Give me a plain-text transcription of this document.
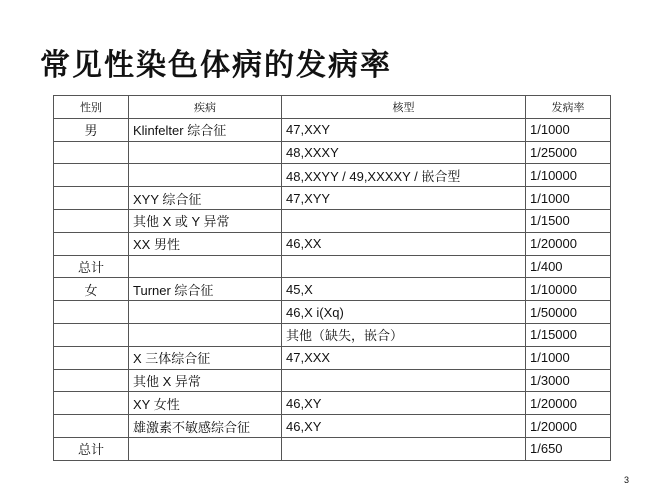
常见性染色体病的发病率
性别	疾病	核型	发病率
男	Klinfelter 综合征	47,XXY	1/1000
		48,XXXY	1/25000
		48,XXYY / 49,XXXXY / 嵌合型	1/10000
	XYY 综合征	47,XYY	1/1000
	其他 X 或 Y 异常		1/1500
	XX 男性	46,XX	1/20000
总计			1/400
女	Turner 综合征	45,X	1/10000
		46,X i(Xq)	1/50000
		其他（缺失，嵌合）	1/15000
	X 三体综合征	47,XXX	1/1000
	其他 X 异常		1/3000
	XY 女性	46,XY	1/20000
	雄激素不敏感综合征	46,XY	1/20000
总计			1/650
3
